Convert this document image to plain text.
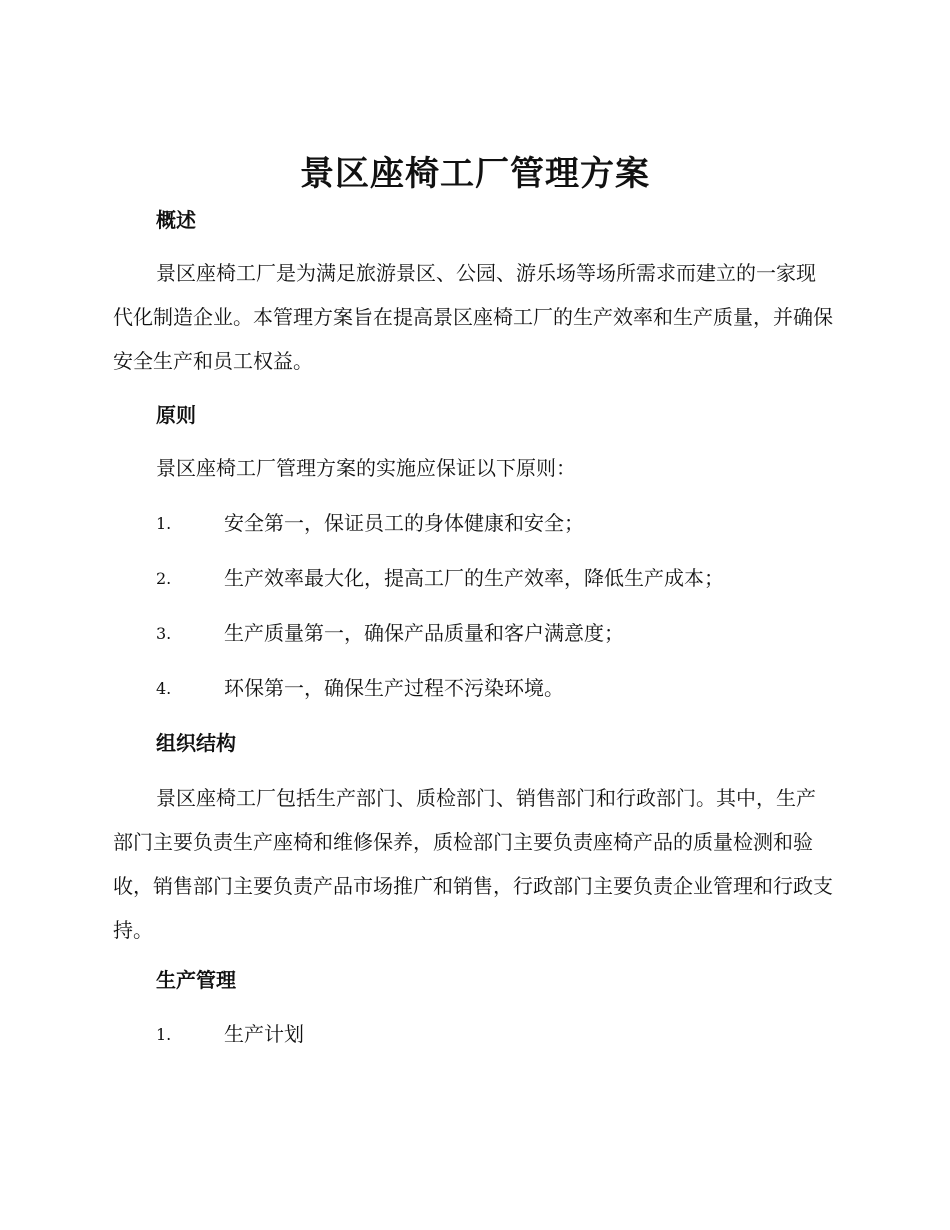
景区座椅工厂管理方案
概述

景区座椅工厂是为满足旅游景区、公园、游乐场等场所需求而建立的一家现代化制造企业。本管理方案旨在提高景区座椅工厂的生产效率和生产质量，并确保安全生产和员工权益。

原则
景区座椅工厂管理方案的实施应保证以下原则：
1.	安全第一，保证员工的身体健康和安全；
2.	生产效率最大化，提高工厂的生产效率，降低生产成本；
3.	生产质量第一，确保产品质量和客户满意度；
4.	环保第一，确保生产过程不污染环境。
组织结构

景区座椅工厂包括生产部门、质检部门、销售部门和行政部门。其中，生产部门主要负责生产座椅和维修保养，质检部门主要负责座椅产品的质量检测和验收，销售部门主要负责产品市场推广和销售，行政部门主要负责企业管理和行政支持。

生产管理
1.	生产计划
